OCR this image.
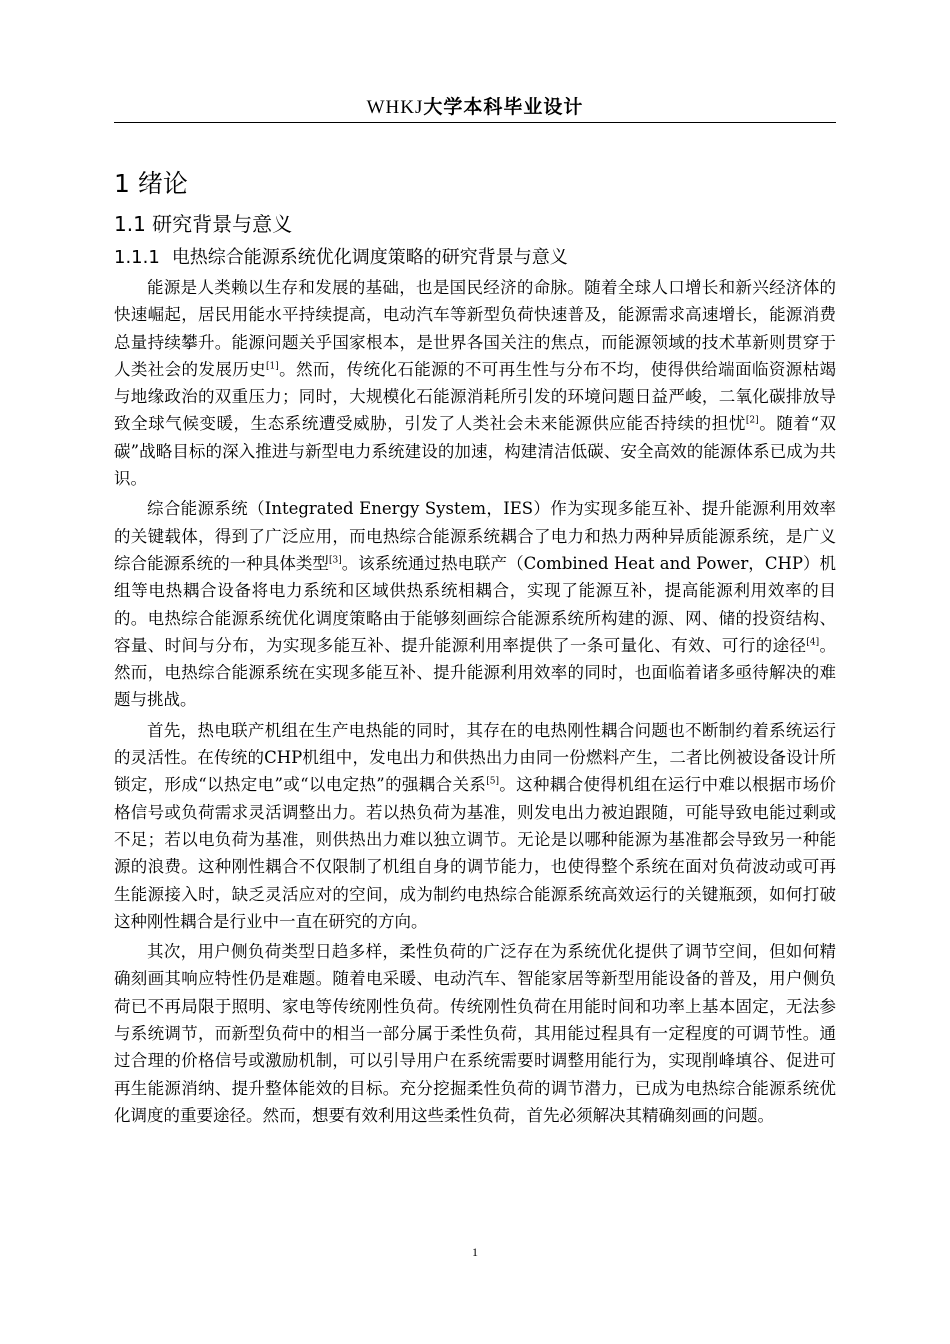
WHKJ大学本科毕业设计
1 绪论
1.1 研究背景与意义
1.1.1 电热综合能源系统优化调度策略的研究背景与意义

能源是人类赖以生存和发展的基础，也是国民经济的命脉。随着全球人口增长和新兴经济体的快速崛起，居民用能水平持续提高，电动汽车等新型负荷快速普及，能源需求高速增长，能源消费总量持续攀升。能源问题关乎国家根本，是世界各国关注的焦点，而能源领域的技术革新则贯穿于人类社会的发展历史[1]。然而，传统化石能源的不可再生性与分布不均，使得供给端面临资源枯竭与地缘政治的双重压力；同时，大规模化石能源消耗所引发的环境问题日益严峻，二氧化碳排放导致全球气候变暖，生态系统遭受威胁，引发了人类社会未来能源供应能否持续的担忧[2]。随着“双碳”战略目标的深入推进与新型电力系统建设的加速，构建清洁低碳、安全高效的能源体系已成为共识。

综合能源系统（Integrated Energy System，IES）作为实现多能互补、提升能源利用效率的关键载体，得到了广泛应用，而电热综合能源系统耦合了电力和热力两种异质能源系统，是广义综合能源系统的一种具体类型[3]。该系统通过热电联产（Combined Heat and Power，CHP）机组等电热耦合设备将电力系统和区域供热系统相耦合，实现了能源互补，提高能源利用效率的目的。电热综合能源系统优化调度策略由于能够刻画综合能源系统所构建的源、网、储的投资结构、容量、时间与分布，为实现多能互补、提升能源利用率提供了一条可量化、有效、可行的途径[4]。然而，电热综合能源系统在实现多能互补、提升能源利用效率的同时，也面临着诸多亟待解决的难题与挑战。

首先，热电联产机组在生产电热能的同时，其存在的电热刚性耦合问题也不断制约着系统运行的灵活性。在传统的CHP机组中，发电出力和供热出力由同一份燃料产生，二者比例被设备设计所锁定，形成“以热定电”或“以电定热”的强耦合关系[5]。这种耦合使得机组在运行中难以根据市场价格信号或负荷需求灵活调整出力。若以热负荷为基准，则发电出力被迫跟随，可能导致电能过剩或不足；若以电负荷为基准，则供热出力难以独立调节。无论是以哪种能源为基准都会导致另一种能源的浪费。这种刚性耦合不仅限制了机组自身的调节能力，也使得整个系统在面对负荷波动或可再生能源接入时，缺乏灵活应对的空间，成为制约电热综合能源系统高效运行的关键瓶颈，如何打破这种刚性耦合是行业中一直在研究的方向。

其次，用户侧负荷类型日趋多样，柔性负荷的广泛存在为系统优化提供了调节空间，但如何精确刻画其响应特性仍是难题。随着电采暖、电动汽车、智能家居等新型用能设备的普及，用户侧负荷已不再局限于照明、家电等传统刚性负荷。传统刚性负荷在用能时间和功率上基本固定，无法参与系统调节，而新型负荷中的相当一部分属于柔性负荷，其用能过程具有一定程度的可调节性。通过合理的价格信号或激励机制，可以引导用户在系统需要时调整用能行为，实现削峰填谷、促进可再生能源消纳、提升整体能效的目标。充分挖掘柔性负荷的调节潜力，已成为电热综合能源系统优化调度的重要途径。然而，想要有效利用这些柔性负荷，首先必须解决其精确刻画的问题。

1
